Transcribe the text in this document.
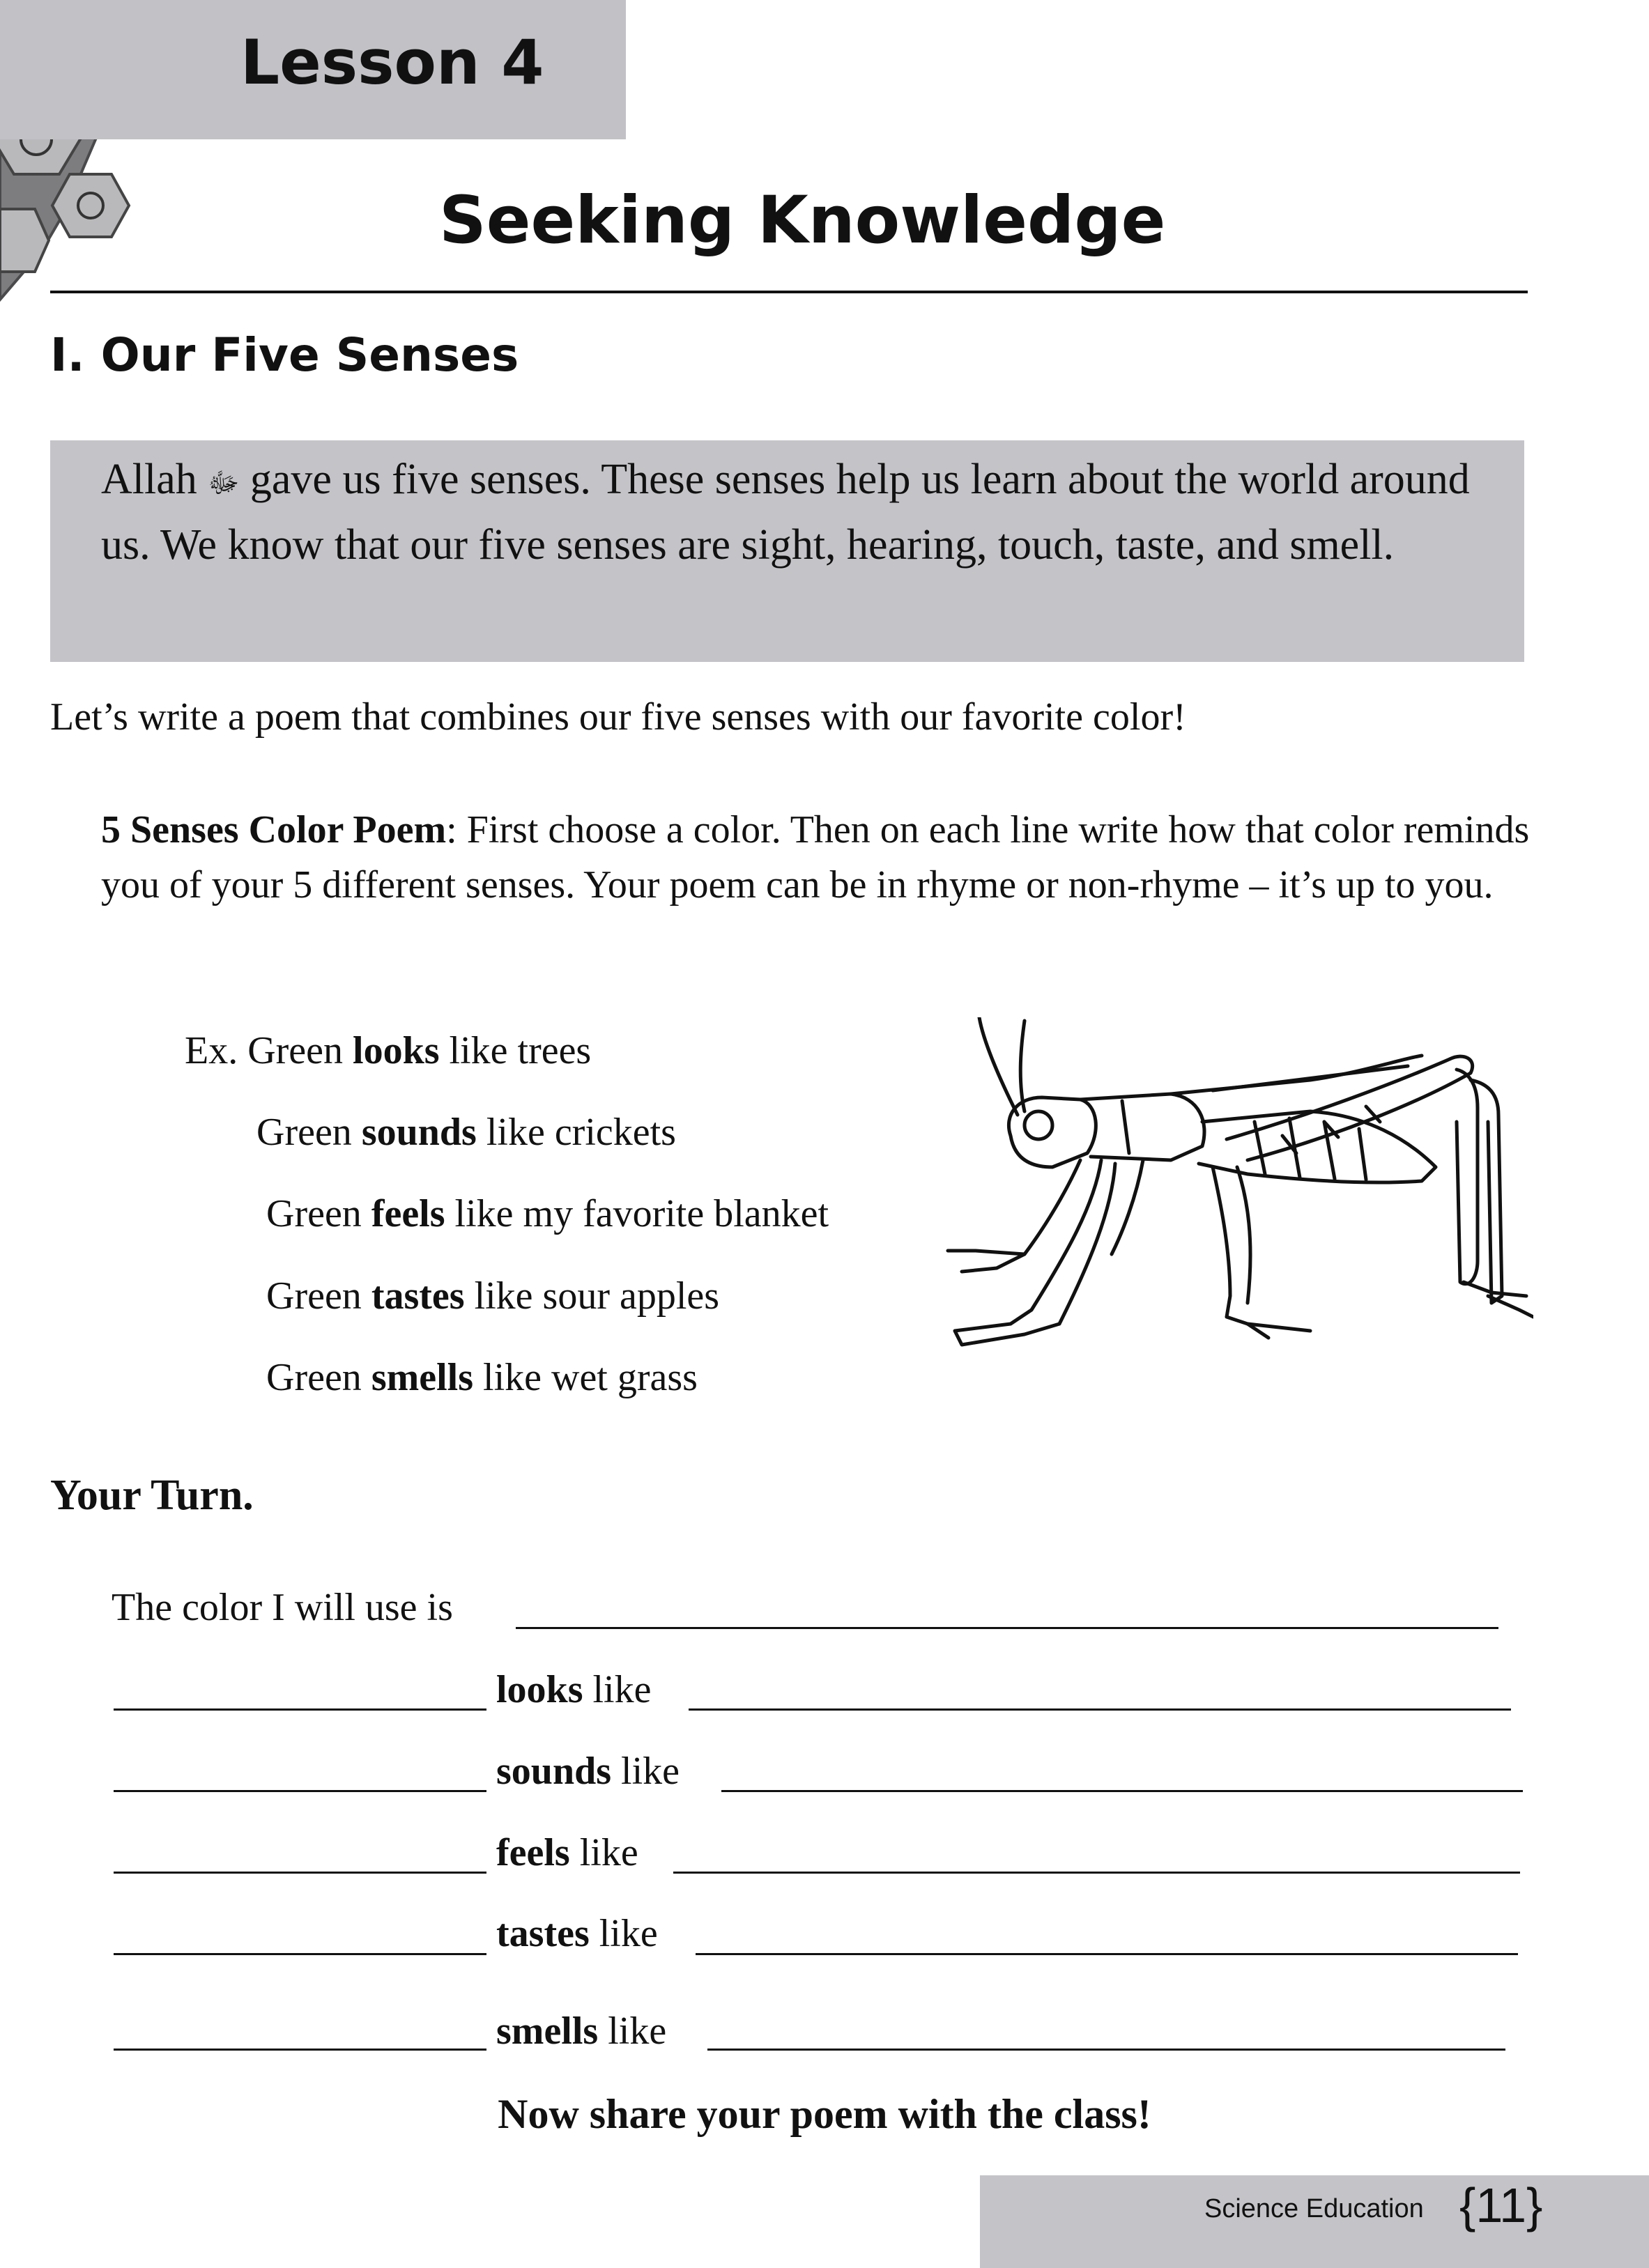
Lesson 4
Seeking Knowledge
I. Our Five Senses

Allah ﷻ gave us five senses. These senses help us learn about the world around us. We know that our five senses are sight, hearing, touch, taste, and smell.

Let’s write a poem that combines our five senses with our favorite color!

5 Senses Color Poem: First choose a color. Then on each line write how that color reminds you of your 5 different senses. Your poem can be in rhyme or non-rhyme – it’s up to you.

Ex. Green looks like trees

Green sounds like crickets

Green feels like my favorite blanket

Green tastes like sour apples

Green smells like wet grass

Your Turn.

The color I will use is

looks like

sounds like

feels like

tastes like

smells like

Now share your poem with the class!

Science Education {11}
